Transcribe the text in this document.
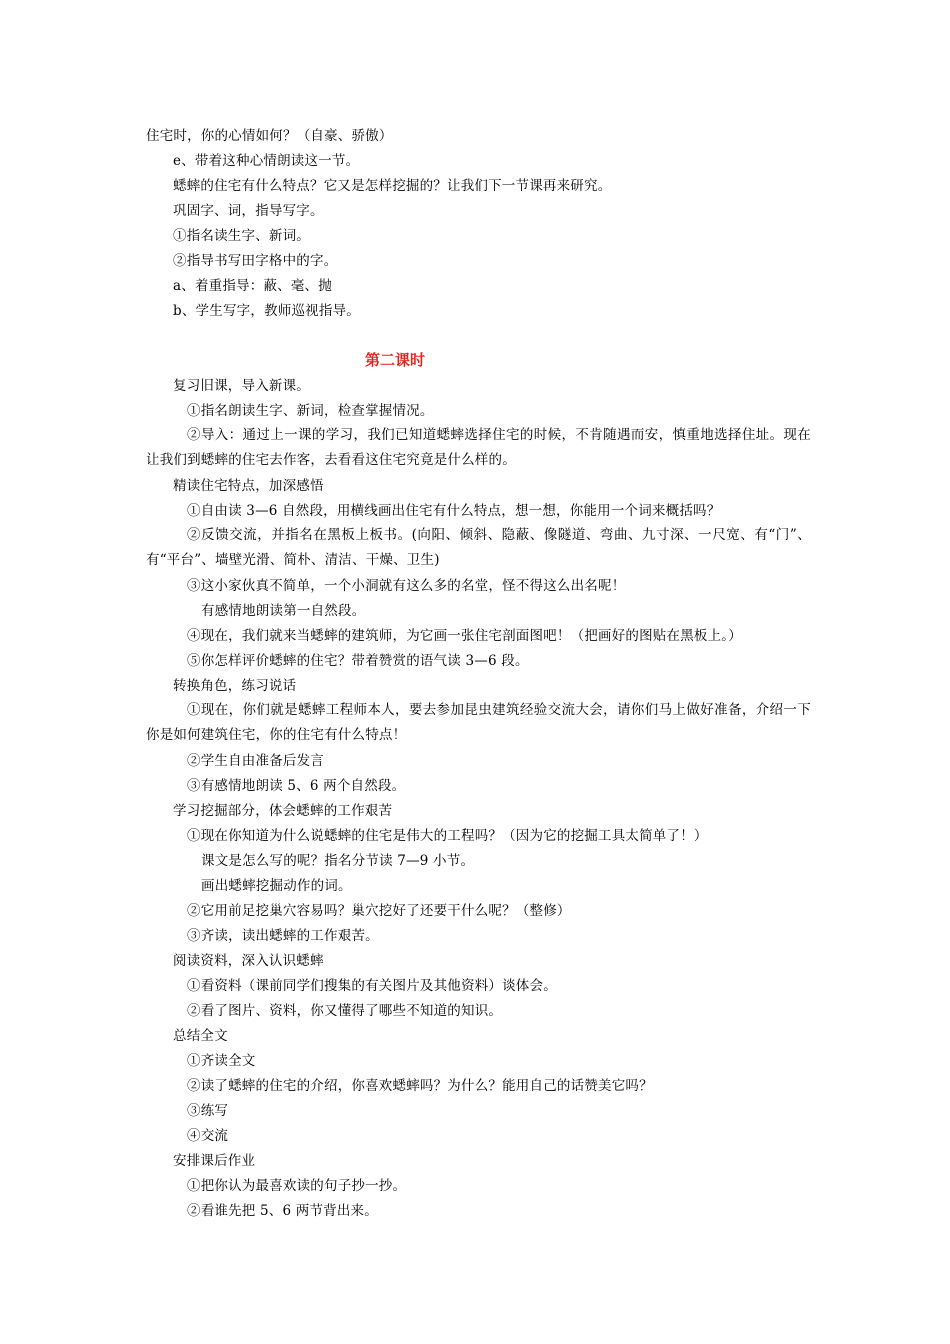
住宅时，你的心情如何？（自豪、骄傲）
e、带着这种心情朗读这一节。
蟋蟀的住宅有什么特点？它又是怎样挖掘的？让我们下一节课再来研究。
巩固字、词，指导写字。
①指名读生字、新词。
②指导书写田字格中的字。
a、着重指导：蔽、毫、抛
b、学生写字，教师巡视指导。
第二课时
复习旧课，导入新课。
①指名朗读生字、新词，检查掌握情况。
②导入：通过上一课的学习，我们已知道蟋蟀选择住宅的时候，不肯随遇而安，慎重地选择住址。现在让我们到蟋蟀的住宅去作客，去看看这住宅究竟是什么样的。
精读住宅特点，加深感悟
①自由读 3—6 自然段，用横线画出住宅有什么特点，想一想，你能用一个词来概括吗？
②反馈交流，并指名在黑板上板书。(向阳、倾斜、隐蔽、像隧道、弯曲、九寸深、一尺宽、有“门”、有“平台”、墙壁光滑、简朴、清洁、干燥、卫生)
③这小家伙真不简单，一个小洞就有这么多的名堂，怪不得这么出名呢！
有感情地朗读第一自然段。
④现在，我们就来当蟋蟀的建筑师，为它画一张住宅剖面图吧！（把画好的图贴在黑板上。）
⑤你怎样评价蟋蟀的住宅？带着赞赏的语气读 3—6 段。
转换角色，练习说话
①现在，你们就是蟋蟀工程师本人，要去参加昆虫建筑经验交流大会，请你们马上做好准备，介绍一下你是如何建筑住宅，你的住宅有什么特点！
②学生自由准备后发言
③有感情地朗读 5、6 两个自然段。
学习挖掘部分，体会蟋蟀的工作艰苦
①现在你知道为什么说蟋蟀的住宅是伟大的工程吗？（因为它的挖掘工具太简单了！）
课文是怎么写的呢？指名分节读 7—9 小节。
画出蟋蟀挖掘动作的词。
②它用前足挖巢穴容易吗？巢穴挖好了还要干什么呢？（整修）
③齐读，读出蟋蟀的工作艰苦。
阅读资料，深入认识蟋蟀
①看资料（课前同学们搜集的有关图片及其他资料）谈体会。
②看了图片、资料，你又懂得了哪些不知道的知识。
总结全文
①齐读全文
②读了蟋蟀的住宅的介绍，你喜欢蟋蟀吗？为什么？能用自己的话赞美它吗？
③练写
④交流
安排课后作业
①把你认为最喜欢读的句子抄一抄。
②看谁先把 5、6 两节背出来。
